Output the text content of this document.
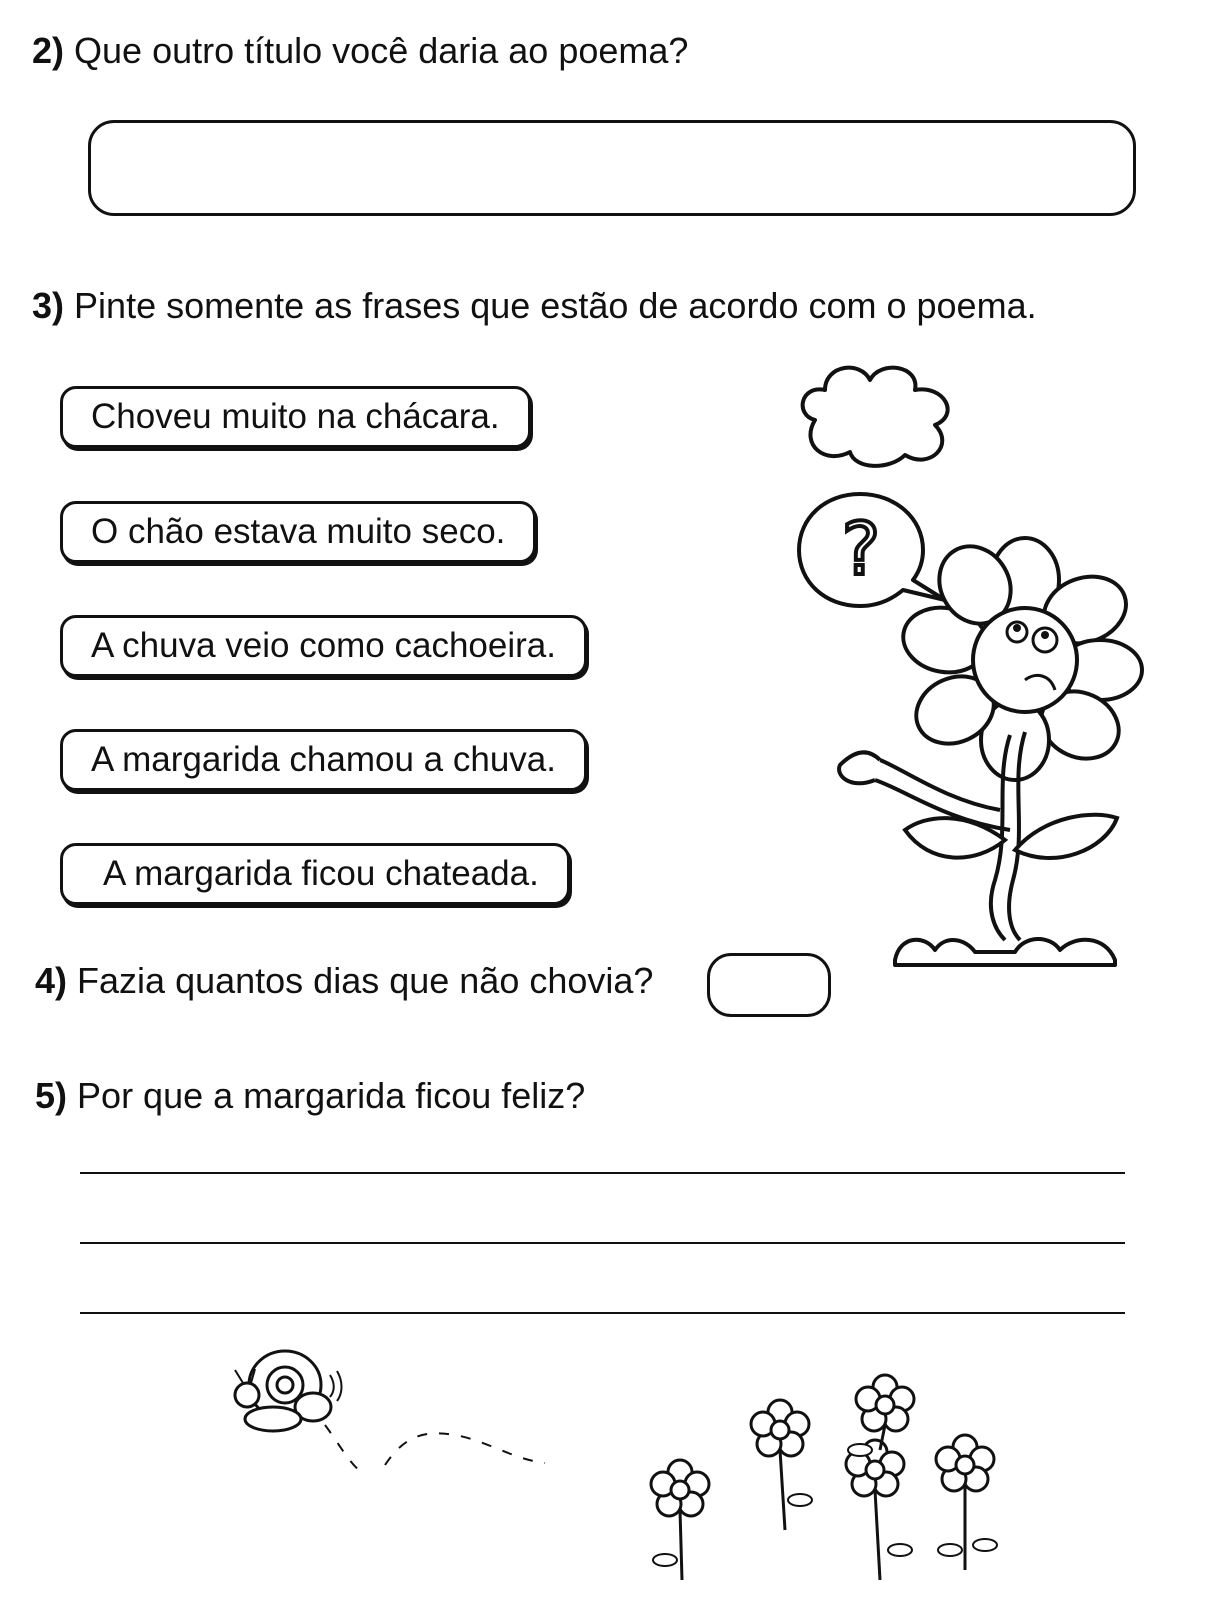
2) Que outro título você daria ao poema?
3) Pinte somente as frases que estão de acordo com o poema.
Choveu muito na chácara.
O chão estava muito seco.
A chuva veio como cachoeira.
A margarida chamou a chuva.
A margarida ficou chateada.
?
4) Fazia quantos dias que não chovia?
5) Por que a margarida ficou feliz?
